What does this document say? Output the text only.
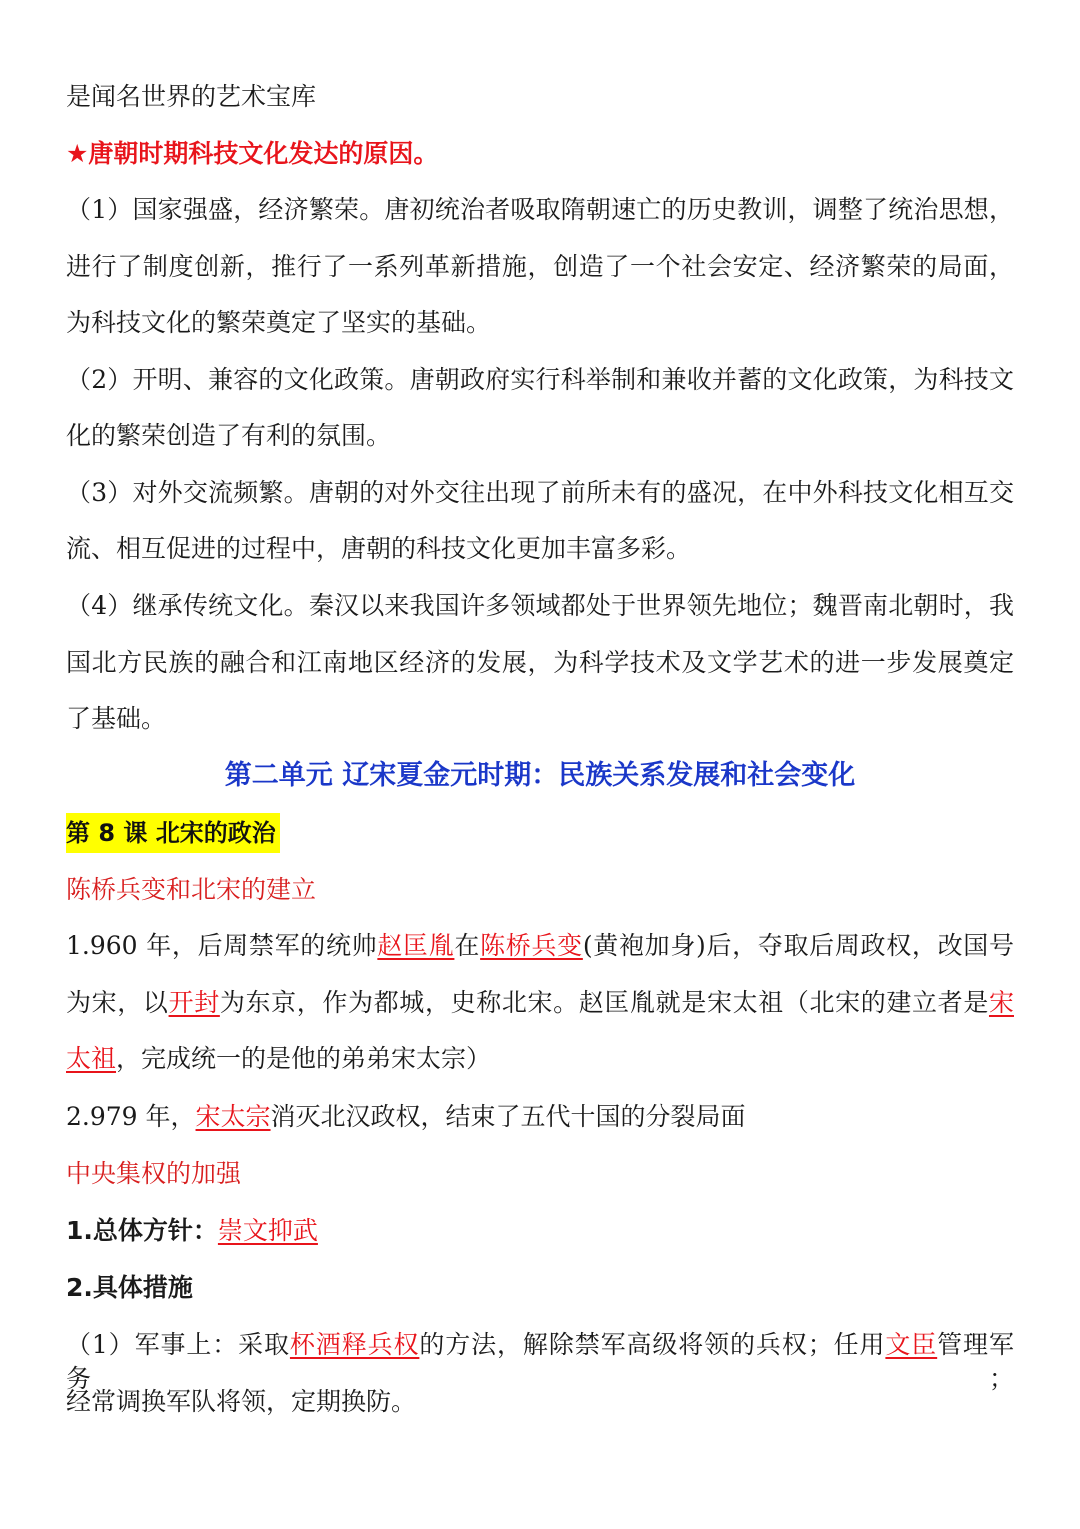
是闻名世界的艺术宝库
★唐朝时期科技文化发达的原因。
（1）国家强盛，经济繁荣。唐初统治者吸取隋朝速亡的历史教训，调整了统治思想，
进行了制度创新，推行了一系列革新措施，创造了一个社会安定、经济繁荣的局面，
为科技文化的繁荣奠定了坚实的基础。
（2）开明、兼容的文化政策。唐朝政府实行科举制和兼收并蓄的文化政策，为科技文
化的繁荣创造了有利的氛围。
（3）对外交流频繁。唐朝的对外交往出现了前所未有的盛况，在中外科技文化相互交
流、相互促进的过程中，唐朝的科技文化更加丰富多彩。
（4）继承传统文化。秦汉以来我国许多领域都处于世界领先地位；魏晋南北朝时，我
国北方民族的融合和江南地区经济的发展，为科学技术及文学艺术的进一步发展奠定
了基础。
第二单元 辽宋夏金元时期：民族关系发展和社会变化
第 8 课 北宋的政治
陈桥兵变和北宋的建立
1.960 年，后周禁军的统帅赵匡胤在陈桥兵变(黄袍加身)后，夺取后周政权，改国号
为宋，以开封为东京，作为都城，史称北宋。赵匡胤就是宋太祖（北宋的建立者是宋
太祖，完成统一的是他的弟弟宋太宗）
2.979 年，宋太宗消灭北汉政权，结束了五代十国的分裂局面
中央集权的加强
1.总体方针：崇文抑武
2.具体措施
（1）军事上：采取杯酒释兵权的方法，解除禁军高级将领的兵权；任用文臣管理军务；
经常调换军队将领，定期换防。
